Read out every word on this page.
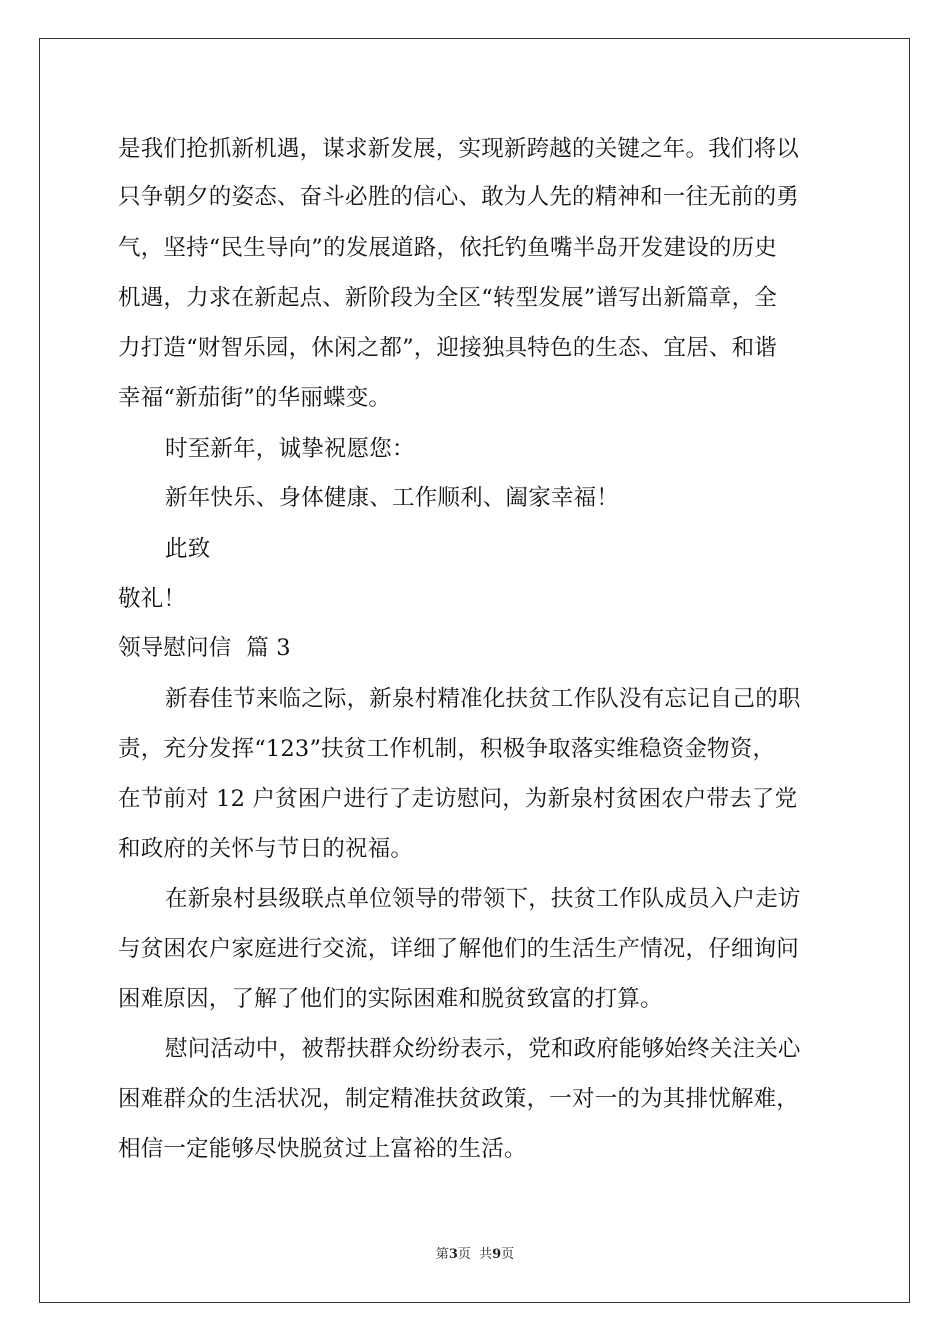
是我们抢抓新机遇，谋求新发展，实现新跨越的关键之年。我们将以
只争朝夕的姿态、奋斗必胜的信心、敢为人先的精神和一往无前的勇
气，坚持“民生导向”的发展道路，依托钓鱼嘴半岛开发建设的历史
机遇，力求在新起点、新阶段为全区“转型发展”谱写出新篇章，全
力打造“财智乐园，休闲之都”，迎接独具特色的生态、宜居、和谐
幸福“新茄街”的华丽蝶变。
时至新年，诚挚祝愿您：
新年快乐、身体健康、工作顺利、阖家幸福！
此致
敬礼！
领导慰问信  篇 3
新春佳节来临之际，新泉村精准化扶贫工作队没有忘记自己的职
责，充分发挥“123”扶贫工作机制，积极争取落实维稳资金物资，
在节前对 12 户贫困户进行了走访慰问，为新泉村贫困农户带去了党
和政府的关怀与节日的祝福。
在新泉村县级联点单位领导的带领下，扶贫工作队成员入户走访
与贫困农户家庭进行交流，详细了解他们的生活生产情况，仔细询问
困难原因，了解了他们的实际困难和脱贫致富的打算。
慰问活动中，被帮扶群众纷纷表示，党和政府能够始终关注关心
困难群众的生活状况，制定精准扶贫政策，一对一的为其排忧解难，
相信一定能够尽快脱贫过上富裕的生活。
第3页  共9页
